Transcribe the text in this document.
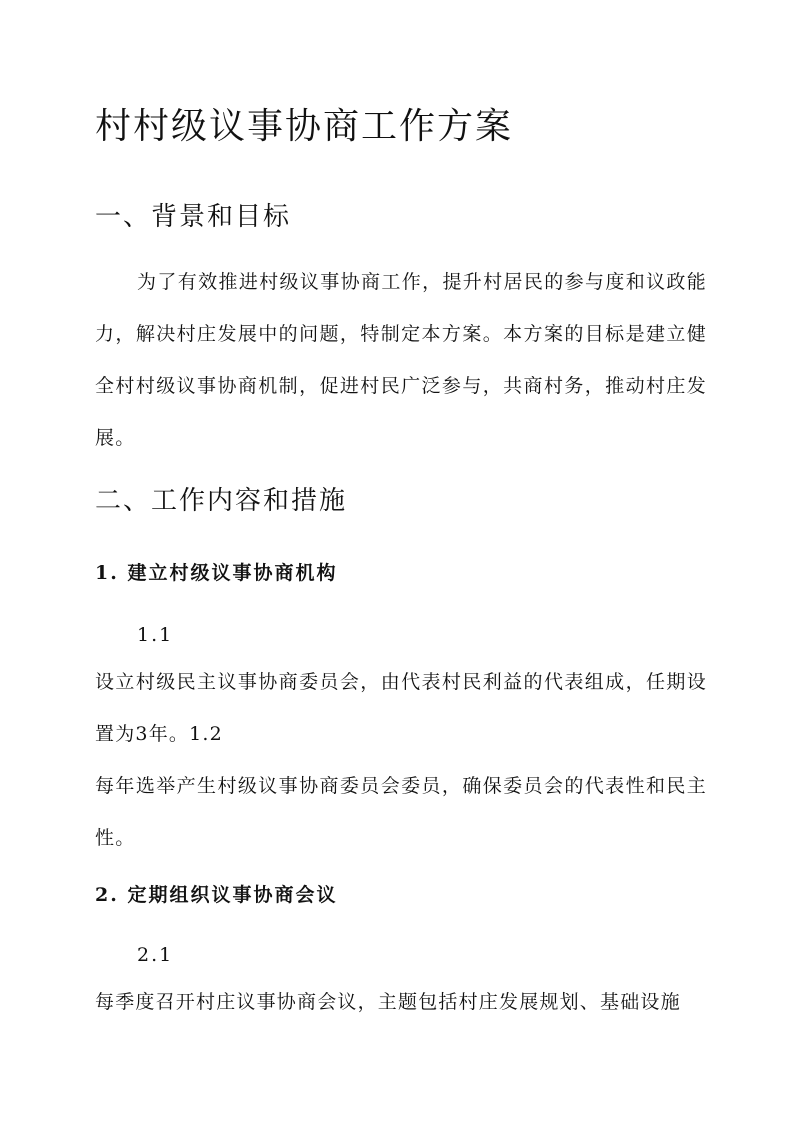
村村级议事协商工作方案
一、背景和目标

为了有效推进村级议事协商工作，提升村居民的参与度和议政能力，解决村庄发展中的问题，特制定本方案。本方案的目标是建立健全村村级议事协商机制，促进村民广泛参与，共商村务，推动村庄发展。

二、工作内容和措施
1. 建立村级议事协商机构

1.1

设立村级民主议事协商委员会，由代表村民利益的代表组成，任期设置为3年。1.2

每年选举产生村级议事协商委员会委员，确保委员会的代表性和民主性。

2. 定期组织议事协商会议

2.1

每季度召开村庄议事协商会议，主题包括村庄发展规划、基础设施
